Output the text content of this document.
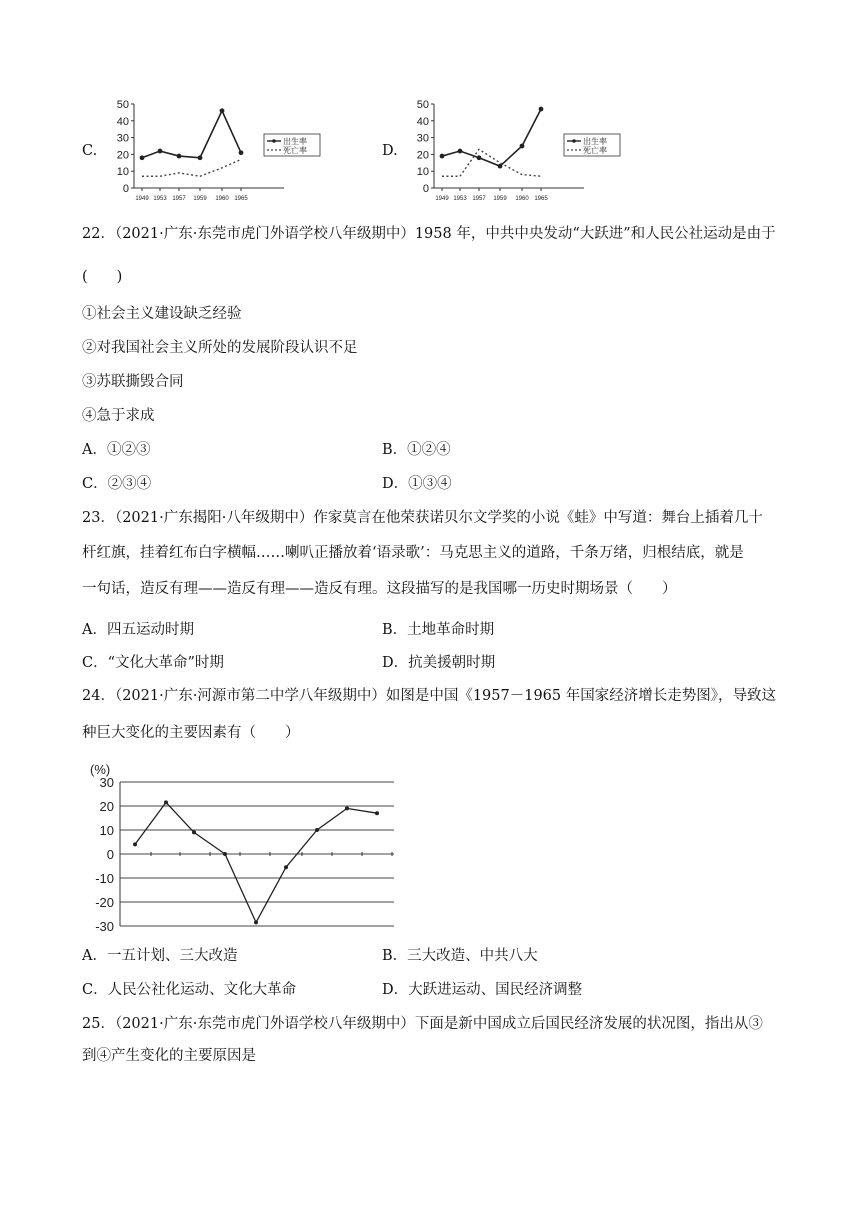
C.
50
40
30
20
10
0
1949 1953 1957 1959 1960 1965
出生率
死亡率	D.
50
40
30
20
10
0
1949 1953 1957 1959 1960 1965
出生率
死亡率
22．（2021·广东·东莞市虎门外语学校八年级期中）1958 年，中共中央发动“大跃进”和人民公社运动是由于
(　　)
①社会主义建设缺乏经验
②对我国社会主义所处的发展阶段认识不足
③苏联撕毁合同
④急于求成
A．①②③	B．①②④
C．②③④	D．①③④
23．（2021·广东揭阳·八年级期中）作家莫言在他荣获诺贝尔文学奖的小说《蛙》中写道：舞台上插着几十
杆红旗，挂着红布白字横幅……喇叭正播放着‘语录歌’：马克思主义的道路，千条万绪，归根结底，就是
一句话，造反有理——造反有理——造反有理。这段描写的是我国哪一历史时期场景（　　）
A．四五运动时期	B．土地革命时期
C．“文化大革命”时期	D．抗美援朝时期
24．（2021·广东·河源市第二中学八年级期中）如图是中国《1957－1965 年国家经济增长走势图》，导致这
种巨大变化的主要因素有（　　）
(%)
30
20
10
0
-10
-20
-30
A．一五计划、三大改造	B．三大改造、中共八大
C．人民公社化运动、文化大革命	D．大跃进运动、国民经济调整
25．（2021·广东·东莞市虎门外语学校八年级期中）下面是新中国成立后国民经济发展的状况图，指出从③
到④产生变化的主要原因是
